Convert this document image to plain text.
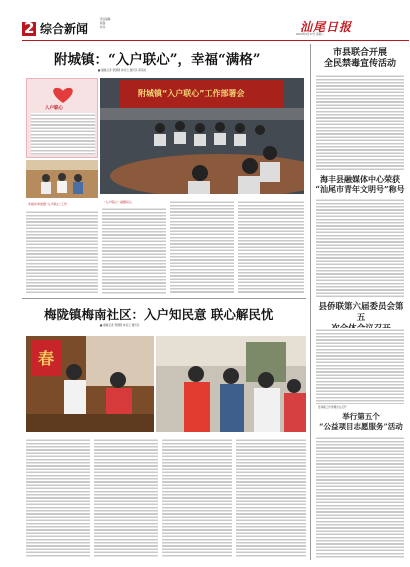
2 综合新闻
责任编辑：
版面：
校对：	汕尾日报
2024年9月17日 星期二
附城镇：“入户联心”，幸福“满格”
■ 融媒记者 曾国明 林丹云 通讯员 黄荣南
入户联心
附城镇“入户联心”工作部署会
多措并举加强“入户联心”工作	“入户联心” 凝聚民心
梅陇镇梅南社区：入户知民意 联心解民忧
■ 融媒记者 曾国明 林丹云 通讯员
春
市县联合开展
全民禁毒宣传活动
海丰县融媒体中心荣获
“汕尾市青年文明号”称号
县侨联第六届委员会第五
县残联工作部署会议召开
举行第五个
“公益项目志愿服务”活动
